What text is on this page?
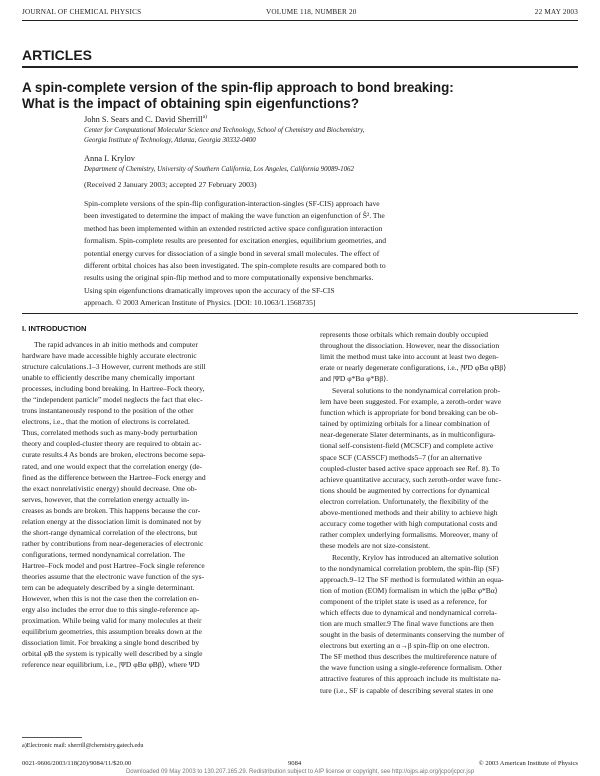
JOURNAL OF CHEMICAL PHYSICS	VOLUME 118, NUMBER 20	22 MAY 2003
ARTICLES
A spin-complete version of the spin-flip approach to bond breaking:
What is the impact of obtaining spin eigenfunctions?
John S. Sears and C. David Sherrill$^{a)}$
Center for Computational Molecular Science and Technology, School of Chemistry and Biochemistry,
Georgia Institute of Technology, Atlanta, Georgia 30332-0400
Anna I. Krylov
Department of Chemistry, University of Southern California, Los Angeles, California 90089-1062
(Received 2 January 2003; accepted 27 February 2003)
Spin-complete versions of the spin-flip configuration-interaction-singles (SF-CIS) approach have
been investigated to determine the impact of making the wave function an eigenfunction of Ŝ². The
method has been implemented within an extended restricted active space configuration interaction
formalism. Spin-complete results are presented for excitation energies, equilibrium geometries, and
potential energy curves for dissociation of a single bond in several small molecules. The effect of
different orbital choices has also been investigated. The spin-complete results are compared both to
results using the original spin-flip method and to more computationally expensive benchmarks.
Using spin eigenfunctions dramatically improves upon the accuracy of the SF-CIS
approach. © 2003 American Institute of Physics. [DOI: 10.1063/1.1568735]
I. INTRODUCTION
The rapid advances in ab initio methods and computer
hardware have made accessible highly accurate electronic
structure calculations.1–3 However, current methods are still
unable to efficiently describe many chemically important
processes, including bond breaking. In Hartree–Fock theory,
the “independent particle” model neglects the fact that elec-
trons instantaneously respond to the position of the other
electrons, i.e., that the motion of electrons is correlated.
Thus, correlated methods such as many-body perturbation
theory and coupled-cluster theory are required to obtain ac-
curate results.4 As bonds are broken, electrons become sepa-
rated, and one would expect that the correlation energy (de-
fined as the difference between the Hartree–Fock energy and
the exact nonrelativistic energy) should decrease. One ob-
serves, however, that the correlation energy actually in-
creases as bonds are broken. This happens because the cor-
relation energy at the dissociation limit is dominated not by
the short-range dynamical correlation of the electrons, but
rather by contributions from near-degeneracies of electronic
configurations, termed nondynamical correlation. The
Hartree–Fock model and post Hartree–Fock single reference
theories assume that the electronic wave function of the sys-
tem can be adequately described by a single determinant.
However, when this is not the case then the correlation en-
ergy also includes the error due to this single-reference ap-
proximation. While being valid for many molecules at their
equilibrium geometries, this assumption breaks down at the
dissociation limit. For breaking a single bond described by
orbital φB the system is typically well described by a single
reference near equilibrium, i.e., |ΨD φBα φBβ⟩, where ΨD
represents those orbitals which remain doubly occupied
throughout the dissociation. However, near the dissociation
limit the method must take into account at least two degen-
erate or nearly degenerate configurations, i.e., |ΨD φBα φBβ⟩
and |ΨD φ*Bα φ*Bβ⟩.
Several solutions to the nondynamical correlation prob-
lem have been suggested. For example, a zeroth-order wave
function which is appropriate for bond breaking can be ob-
tained by optimizing orbitals for a linear combination of
near-degenerate Slater determinants, as in multiconfigura-
tional self-consistent-field (MCSCF) and complete active
space SCF (CASSCF) methods5–7 (for an alternative
coupled-cluster based active space approach see Ref. 8). To
achieve quantitative accuracy, such zeroth-order wave func-
tions should be augmented by corrections for dynamical
electron correlation. Unfortunately, the flexibility of the
above-mentioned methods and their ability to achieve high
accuracy come together with high computational costs and
rather complex underlying formalisms. Moreover, many of
these models are not size-consistent.
Recently, Krylov has introduced an alternative solution
to the nondynamical correlation problem, the spin-flip (SF)
approach.9–12 The SF method is formulated within an equa-
tion of motion (EOM) formalism in which the |φBα φ*Bα⟩
component of the triplet state is used as a reference, for
which effects due to dynamical and nondynamical correla-
tion are much smaller.9 The final wave functions are then
sought in the basis of determinants conserving the number of
electrons but exerting an α→β spin-flip on one electron.
The SF method thus describes the multireference nature of
the wave function using a single-reference formalism. Other
attractive features of this approach include its multistate na-
ture (i.e., SF is capable of describing several states in one
a)Electronic mail: sherrill@chemistry.gatech.edu
0021-9606/2003/118(20)/9084/11/$20.00	9084	© 2003 American Institute of Physics
Downloaded 09 May 2003 to 130.207.165.29. Redistribution subject to AIP license or copyright, see http://ojps.aip.org/jcpo/jcpcr.jsp
